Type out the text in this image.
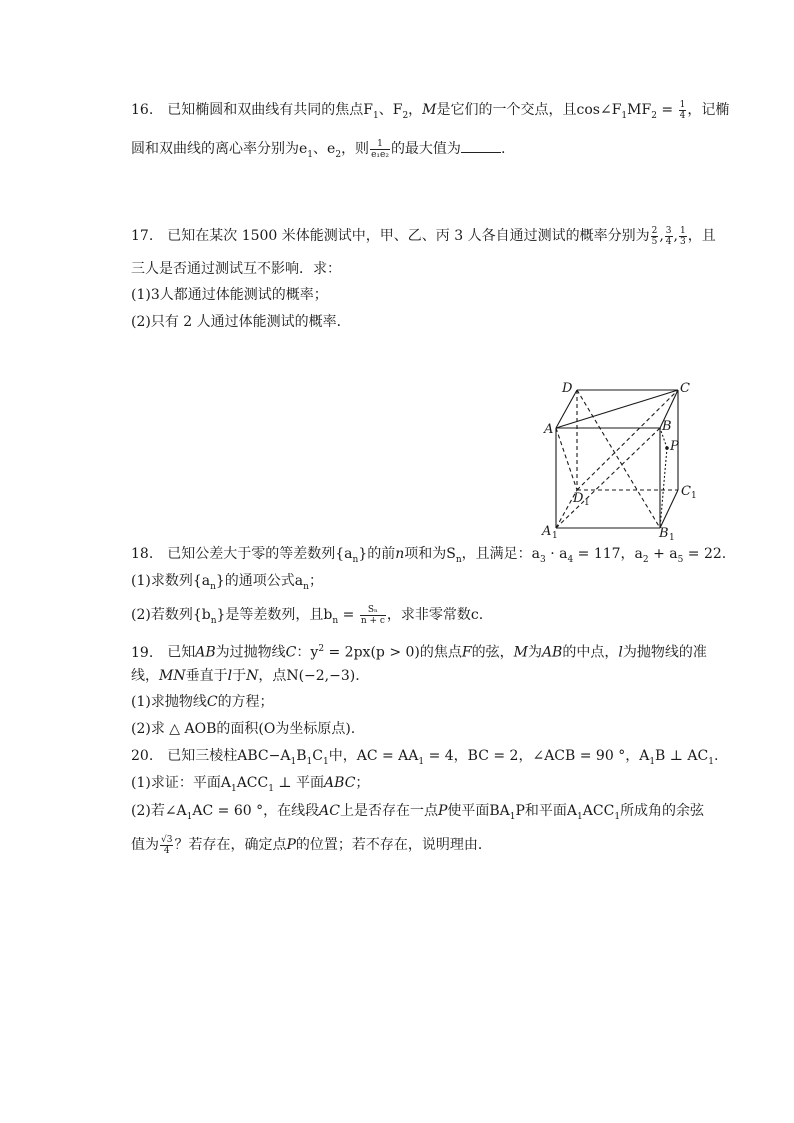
16. 已知椭圆和双曲线有共同的焦点$F_1$、$F_2$，M是它们的一个交点，且$\cos\angle F_1MF_2 = \frac{1}{4}$ ，记椭
圆和双曲线的离心率分别为$e_1$、$e_2$，则 $\frac{1}{\text{e₁e₂}}$ 的最大值为	.
17. 已知在某次 1500 米体能测试中，甲、乙、丙 3 人各自通过测试的概率分别为 $\frac{2}{5}$ , $\frac{3}{4}$ , $\frac{1}{3}$ ，且
三人是否通过测试互不影响．求：
(1)3人都通过体能测试的概率；
(2)只有 2 人通过体能测试的概率．
D	C
A	B
P
D 1
C 1
A 1	B 1
18. 已知公差大于零的等差数列$\{a_n\}$的前n项和为$S_n$，且满足：$a_3 \cdot a_4 = 117$，$a_2 + a_5 = 22$.
(1)求数列$\{a_n\}$的通项公式$a_n$；
(2)若数列$\{b_n\}$是等差数列，且$b_n = \frac{\text{Sₙ}}{n + c}$ ，求非零常数c.
19. 已知AB为过抛物线C：$y^2 = 2px(p > 0)$的焦点F的弦，M为AB的中点，l为抛物线的准
线，MN垂直于l于N，点N(−2,−3).
(1)求抛物线C的方程；
(2)求 △ AOB的面积(O为坐标原点).
20. 已知三棱柱$ABC-A_1B_1C_1$中，AC = $AA_1 = 4$，BC = 2，∠ACB = 90 °，$A_1B$ ⊥ $AC_1$.
(1)求证：平面$A_1ACC_1$ ⊥ 平面ABC；
(2)若$\angle A_1AC = 60$ °，在线段AC上是否存在一点P使平面$BA_1P$和平面$A_1ACC_1$所成角的余弦
值为 $\frac{√3}{4}$ ？若存在，确定点P的位置；若不存在，说明理由．
